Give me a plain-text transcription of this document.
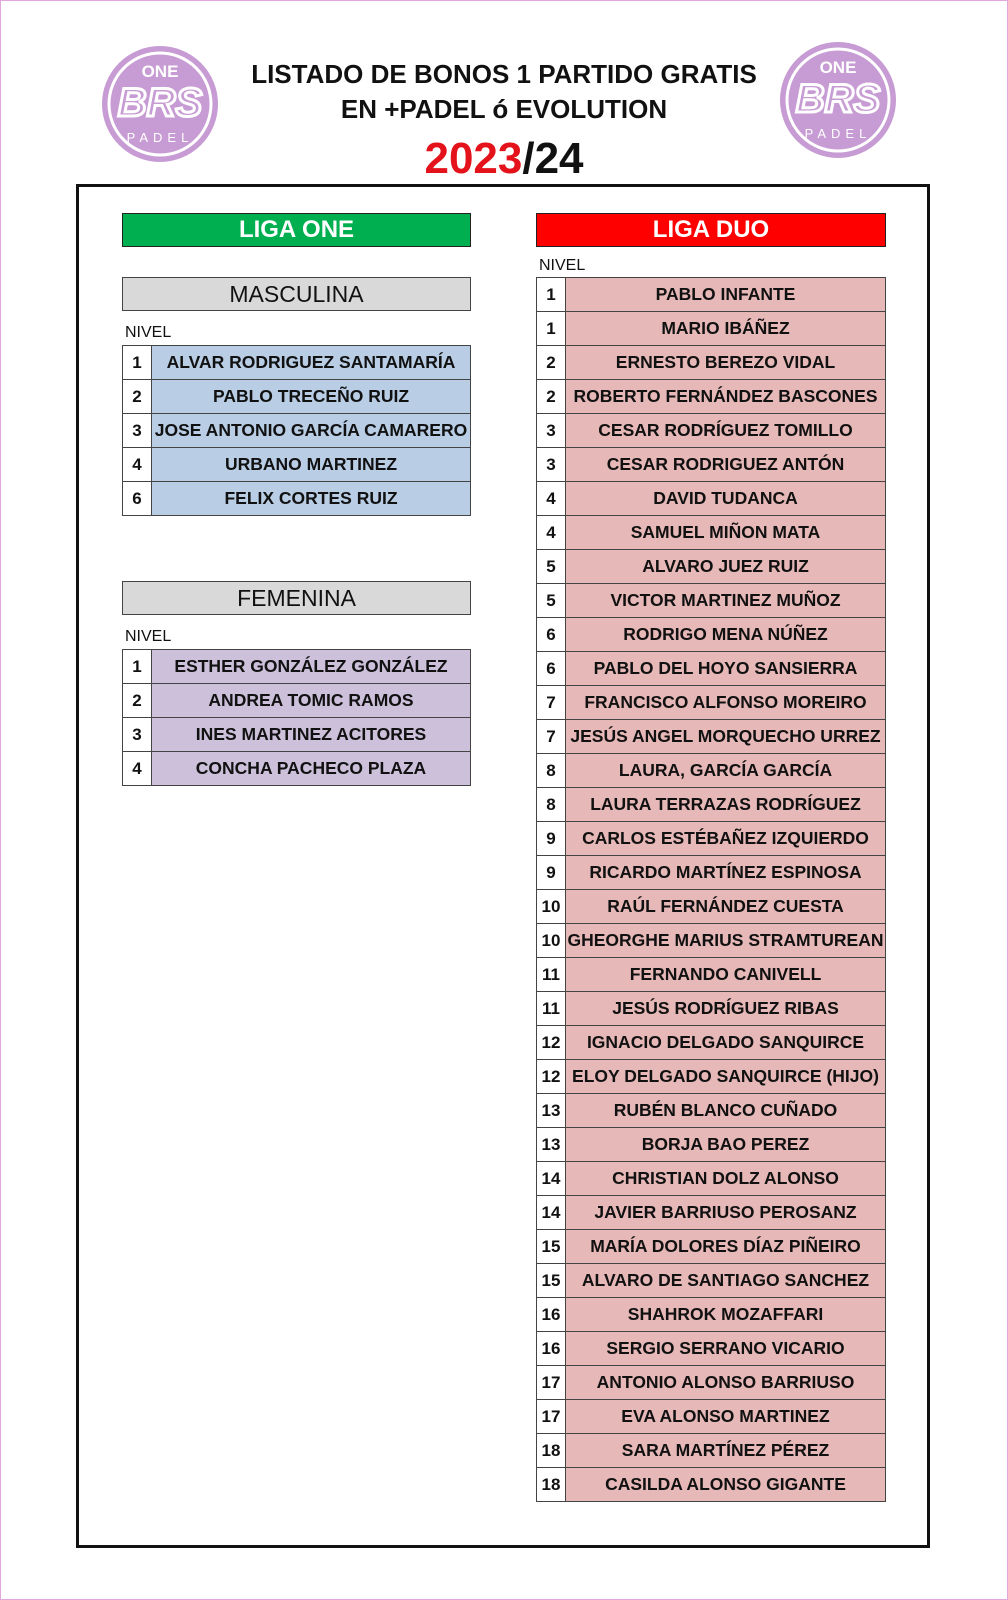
ONE
BRS
PADEL
ONE
BRS
PADEL
LISTADO DE BONOS 1 PARTIDO GRATIS
EN +PADEL ó EVOLUTION
2023/24
LIGA ONE
MASCULINA
NIVEL
1	ALVAR RODRIGUEZ SANTAMARÍA
2	PABLO TRECEÑO RUIZ
3 JOSE ANTONIO GARCÍA CAMARERO
4	URBANO MARTINEZ
6	FELIX CORTES RUIZ
FEMENINA
NIVEL
1	ESTHER GONZÁLEZ GONZÁLEZ
2	ANDREA TOMIC RAMOS
3	INES MARTINEZ ACITORES
4	CONCHA PACHECO PLAZA
LIGA DUO
NIVEL
1	PABLO INFANTE
1	MARIO IBÁÑEZ
2	ERNESTO BEREZO VIDAL
2	ROBERTO FERNÁNDEZ BASCONES
3	CESAR RODRÍGUEZ TOMILLO
3	CESAR RODRIGUEZ ANTÓN
4	DAVID TUDANCA
4	SAMUEL MIÑON MATA
5	ALVARO JUEZ RUIZ
5	VICTOR MARTINEZ MUÑOZ
6	RODRIGO MENA NÚÑEZ
6	PABLO DEL HOYO SANSIERRA
7	FRANCISCO ALFONSO MOREIRO
7 JESÚS ANGEL MORQUECHO URREZ
8	LAURA, GARCÍA GARCÍA
8	LAURA TERRAZAS RODRÍGUEZ
9	CARLOS ESTÉBAÑEZ IZQUIERDO
9	RICARDO MARTÍNEZ ESPINOSA
10	RAÚL FERNÁNDEZ CUESTA
10 GHEORGHE MARIUS STRAMTUREAN
11	FERNANDO CANIVELL
11	JESÚS RODRÍGUEZ RIBAS
12	IGNACIO DELGADO SANQUIRCE
12 ELOY DELGADO SANQUIRCE (HIJO)
13	RUBÉN BLANCO CUÑADO
13	BORJA BAO PEREZ
14	CHRISTIAN DOLZ ALONSO
14	JAVIER BARRIUSO PEROSANZ
15	MARÍA DOLORES DÍAZ PIÑEIRO
15	ALVARO DE SANTIAGO SANCHEZ
16	SHAHROK MOZAFFARI
16	SERGIO SERRANO VICARIO
17	ANTONIO ALONSO BARRIUSO
17	EVA ALONSO MARTINEZ
18	SARA MARTÍNEZ PÉREZ
18	CASILDA ALONSO GIGANTE
